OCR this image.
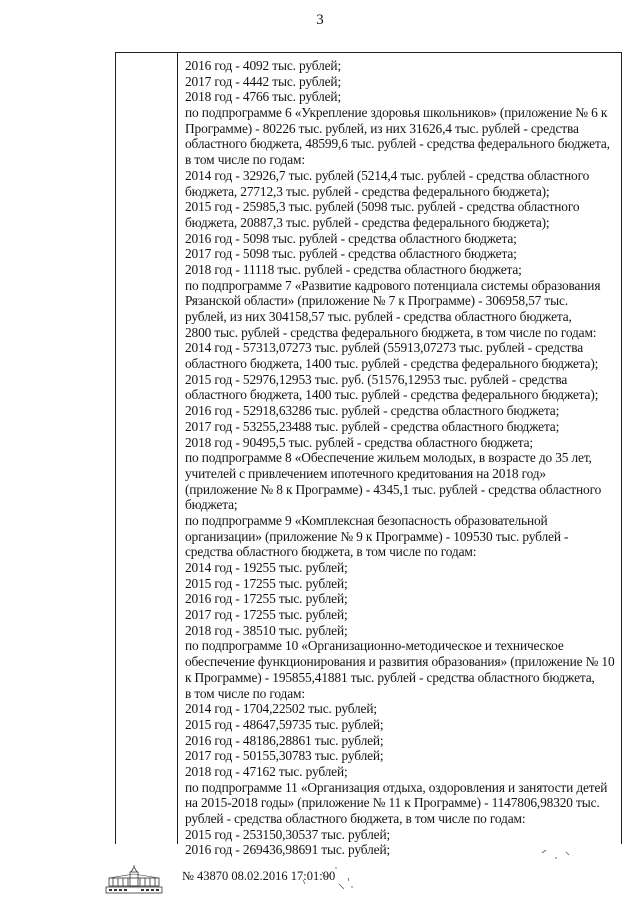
3
2016 год - 4092 тыс. рублей;
2017 год - 4442 тыс. рублей;
2018 год - 4766 тыс. рублей;
по подпрограмме 6 «Укрепление здоровья школьников» (приложение № 6 к
Программе) - 80226 тыс. рублей, из них 31626,4 тыс. рублей - средства
областного бюджета, 48599,6 тыс. рублей - средства федерального бюджета,
в том числе по годам:
2014 год - 32926,7 тыс. рублей (5214,4 тыс. рублей - средства областного
бюджета, 27712,3 тыс. рублей - средства федерального бюджета);
2015 год - 25985,3 тыс. рублей (5098 тыс. рублей - средства областного
бюджета, 20887,3 тыс. рублей - средства федерального бюджета);
2016 год - 5098 тыс. рублей - средства областного бюджета;
2017 год - 5098 тыс. рублей - средства областного бюджета;
2018 год - 11118 тыс. рублей - средства областного бюджета;
по подпрограмме 7 «Развитие кадрового потенциала системы образования
Рязанской области» (приложение № 7 к Программе) - 306958,57 тыс.
рублей, из них 304158,57 тыс. рублей - средства областного бюджета,
2800 тыс. рублей - средства федерального бюджета, в том числе по годам:
2014 год - 57313,07273 тыс. рублей (55913,07273 тыс. рублей - средства
областного бюджета, 1400 тыс. рублей - средства федерального бюджета);
2015 год - 52976,12953 тыс. руб. (51576,12953 тыс. рублей - средства
областного бюджета, 1400 тыс. рублей - средства федерального бюджета);
2016 год - 52918,63286 тыс. рублей - средства областного бюджета;
2017 год - 53255,23488 тыс. рублей - средства областного бюджета;
2018 год - 90495,5 тыс. рублей - средства областного бюджета;
по подпрограмме 8 «Обеспечение жильем молодых, в возрасте до 35 лет,
учителей с привлечением ипотечного кредитования на 2018 год»
(приложение № 8 к Программе) - 4345,1 тыс. рублей - средства областного
бюджета;
по подпрограмме 9 «Комплексная безопасность образовательной
организации» (приложение № 9 к Программе) - 109530 тыс. рублей -
средства областного бюджета, в том числе по годам:
2014 год - 19255 тыс. рублей;
2015 год - 17255 тыс. рублей;
2016 год - 17255 тыс. рублей;
2017 год - 17255 тыс. рублей;
2018 год - 38510 тыс. рублей;
по подпрограмме 10 «Организационно-методическое и техническое
обеспечение функционирования и развития образования» (приложение № 10
к Программе) - 195855,41881 тыс. рублей - средства областного бюджета,
в том числе по годам:
2014 год - 1704,22502 тыс. рублей;
2015 год - 48647,59735 тыс. рублей;
2016 год - 48186,28861 тыс. рублей;
2017 год - 50155,30783 тыс. рублей;
2018 год - 47162 тыс. рублей;
по подпрограмме 11 «Организация отдыха, оздоровления и занятости детей
на 2015-2018 годы» (приложение № 11 к Программе) - 1147806,98320 тыс.
рублей - средства областного бюджета, в том числе по годам:
2015 год - 253150,30537 тыс. рублей;
2016 год - 269436,98691 тыс. рублей;
№ 43870 08.02.2016 17:01:00
